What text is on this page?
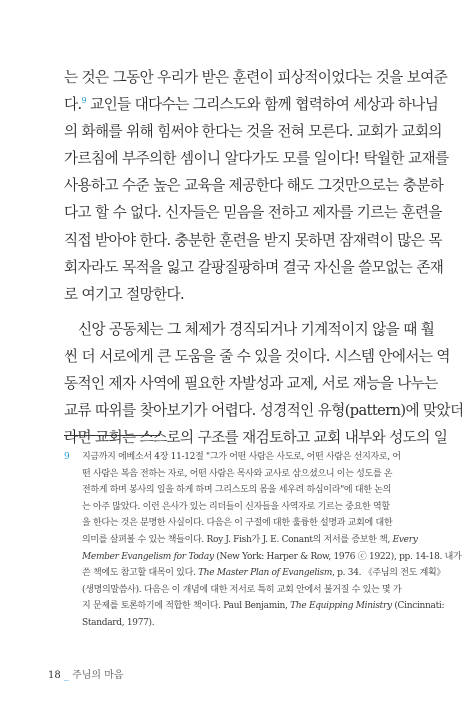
는 것은 그동안 우리가 받은 훈련이 피상적이었다는 것을 보여준
다.$^9$ 교인들 대다수는 그리스도와 함께 협력하여 세상과 하나님
의 화해를 위해 힘써야 한다는 것을 전혀 모른다. 교회가 교회의
가르침에 부주의한 셈이니 알다가도 모를 일이다! 탁월한 교재를
사용하고 수준 높은 교육을 제공한다 해도 그것만으로는 충분하
다고 할 수 없다. 신자들은 믿음을 전하고 제자를 기르는 훈련을
직접 받아야 한다. 충분한 훈련을 받지 못하면 잠재력이 많은 목
회자라도 목적을 잃고 갈팡질팡하며 결국 자신을 쓸모없는 존재
로 여기고 절망한다.
신앙 공동체는 그 체제가 경직되거나 기계적이지 않을 때 훨
씬 더 서로에게 큰 도움을 줄 수 있을 것이다. 시스템 안에서는 역
동적인 제자 사역에 필요한 자발성과 교제, 서로 재능을 나누는
교류 따위를 찾아보기가 어렵다. 성경적인 유형(pattern)에 맞았더
라면 교회는 스스로의 구조를 재검토하고 교회 내부와 성도의 일
9	지금까지 에베소서 4장 11-12절 "그가 어떤 사람은 사도로, 어떤 사람은 선지자로, 어
떤 사람은 복음 전하는 자로, 어떤 사람은 목사와 교사로 삼으셨으니 이는 성도를 온
전하게 하며 봉사의 일을 하게 하며 그리스도의 몸을 세우려 하심이라"에 대한 논의
는 아주 많았다. 이런 은사가 있는 리더들이 신자들을 사역자로 기르는 중요한 역할
을 한다는 것은 분명한 사실이다. 다음은 이 구절에 대한 훌륭한 설명과 교회에 대한
의미를 살펴볼 수 있는 책들이다. Roy J. Fish가 J. E. Conant의 저서를 증보한 책, Every
Member Evangelism for Today (New York: Harper & Row, 1976 ⓒ 1922), pp. 14-18. 내가
쓴 책에도 참고할 대목이 있다. The Master Plan of Evangelism, p. 34. 《주님의 전도 계획》
(생명의말씀사). 다음은 이 개념에 대한 저서로 특히 교회 안에서 불거질 수 있는 몇 가
지 문제를 토론하기에 적합한 책이다. Paul Benjamin, The Equipping Ministry (Cincinnati:
Standard, 1977).
18 _ 주님의 마음
